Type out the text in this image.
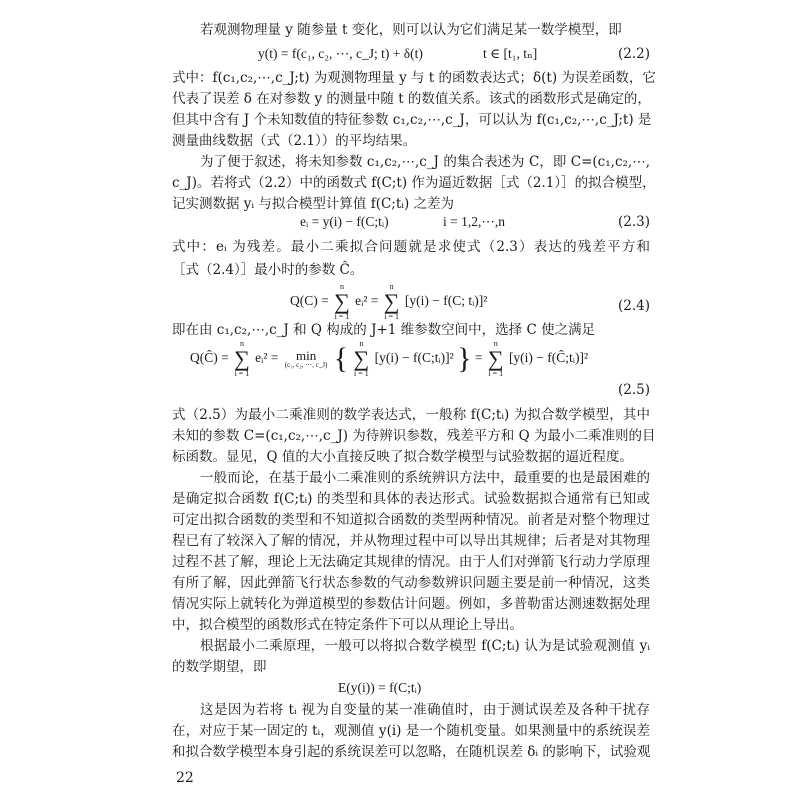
若观测物理量 y 随参量 t 变化，则可以认为它们满足某一数学模型，即
y(t) = f(c₁, c₂, ⋯, c_J; t) + δ(t)	t ∈ [t₁, tₙ]	(2.2)
式中：f(c₁,c₂,⋯,c_J;t) 为观测物理量 y 与 t 的函数表达式；δ(t) 为误差函数，它
代表了误差 δ 在对参数 y 的测量中随 t 的数值关系。该式的函数形式是确定的，
但其中含有 J 个未知数值的特征参数 c₁,c₂,⋯,c_J，可以认为 f(c₁,c₂,⋯,c_J;t) 是
测量曲线数据（式（2.1））的平均结果。
为了便于叙述，将未知参数 c₁,c₂,⋯,c_J 的集合表述为 C，即 C=(c₁,c₂,⋯,
c_J)。若将式（2.2）中的函数式 f(C;t) 作为逼近数据［式（2.1）］的拟合模型，
记实测数据 yᵢ 与拟合模型计算值 f(C;tᵢ) 之差为
eᵢ = y(i) − f(C;tᵢ)	i = 1,2,⋯,n	(2.3)
式中：eᵢ 为残差。最小二乘拟合问题就是求使式（2.3）表达的残差平方和
［式（2.4）］最小时的参数 Ĉ。
Q(C) =
n
∑
i = 1
eᵢ² =
n
∑
i = 1
[y(i) − f(C; tᵢ)]²	(2.4)
即在由 c₁,c₂,⋯,c_J 和 Q 构成的 J+1 维参数空间中，选择 C 使之满足
Q(Ĉ) =
n
∑
i = 1
eᵢ² =	min
(c₁, c₂, ⋯, c_J) {	n
∑
i = 1
[y(i) − f(C;tᵢ)]² } =
n
∑
i = 1
[y(i) − f(Ĉ;tᵢ)]²
(2.5)
式（2.5）为最小二乘准则的数学表达式，一般称 f(C;tᵢ) 为拟合数学模型，其中
未知的参数 C=(c₁,c₂,⋯,c_J) 为待辨识参数，残差平方和 Q 为最小二乘准则的目
标函数。显见，Q 值的大小直接反映了拟合数学模型与试验数据的逼近程度。
一般而论，在基于最小二乘准则的系统辨识方法中，最重要的也是最困难的
是确定拟合函数 f(C;tᵢ) 的类型和具体的表达形式。试验数据拟合通常有已知或
可定出拟合函数的类型和不知道拟合函数的类型两种情况。前者是对整个物理过
程已有了较深入了解的情况，并从物理过程中可以导出其规律；后者是对其物理
过程不甚了解，理论上无法确定其规律的情况。由于人们对弹箭飞行动力学原理
有所了解，因此弹箭飞行状态参数的气动参数辨识问题主要是前一种情况，这类
情况实际上就转化为弹道模型的参数估计问题。例如，多普勒雷达测速数据处理
中，拟合模型的函数形式在特定条件下可以从理论上导出。
根据最小二乘原理，一般可以将拟合数学模型 f(C;tᵢ) 认为是试验观测值 yᵢ
的数学期望，即
E(y(i)) = f(C;tᵢ)
这是因为若将 tᵢ 视为自变量的某一准确值时，由于测试误差及各种干扰存
在，对应于某一固定的 tᵢ，观测值 y(i) 是一个随机变量。如果测量中的系统误差
和拟合数学模型本身引起的系统误差可以忽略，在随机误差 δᵢ 的影响下，试验观
22
